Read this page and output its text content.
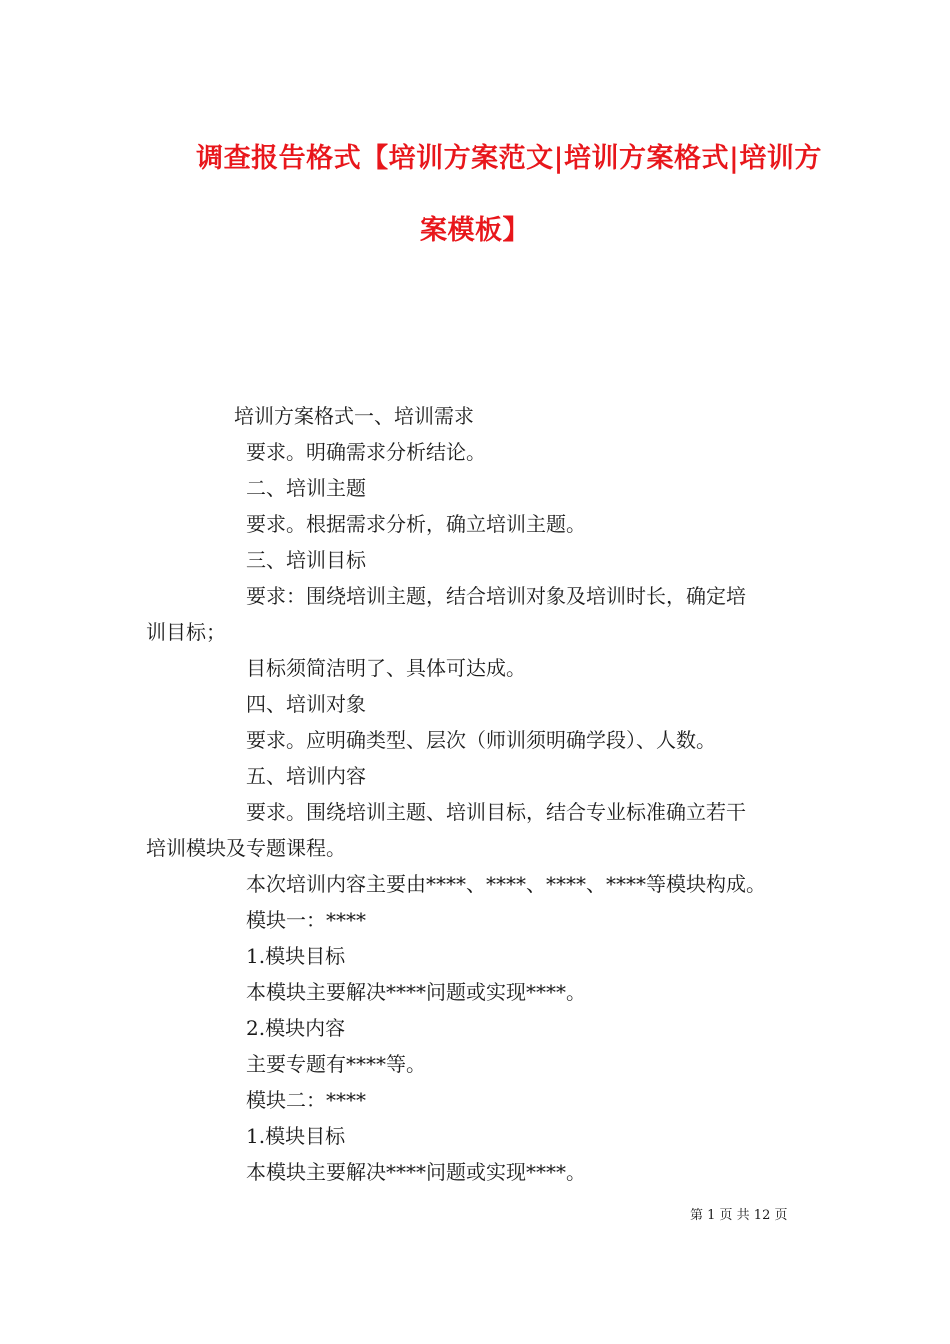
调查报告格式【培训方案范文|培训方案格式|培训方
案模板】
培训方案格式一、培训需求
要求。明确需求分析结论。
二、培训主题
要求。根据需求分析，确立培训主题。
三、培训目标
要求：围绕培训主题，结合培训对象及培训时长，确定培
训目标；
目标须简洁明了、具体可达成。
四、培训对象
要求。应明确类型、层次（师训须明确学段）、人数。
五、培训内容
要求。围绕培训主题、培训目标，结合专业标准确立若干
培训模块及专题课程。
本次培训内容主要由****、****、****、****等模块构成。
模块一：****
1.模块目标
本模块主要解决****问题或实现****。
2.模块内容
主要专题有****等。
模块二：****
1.模块目标
本模块主要解决****问题或实现****。
第 1 页 共 12 页
